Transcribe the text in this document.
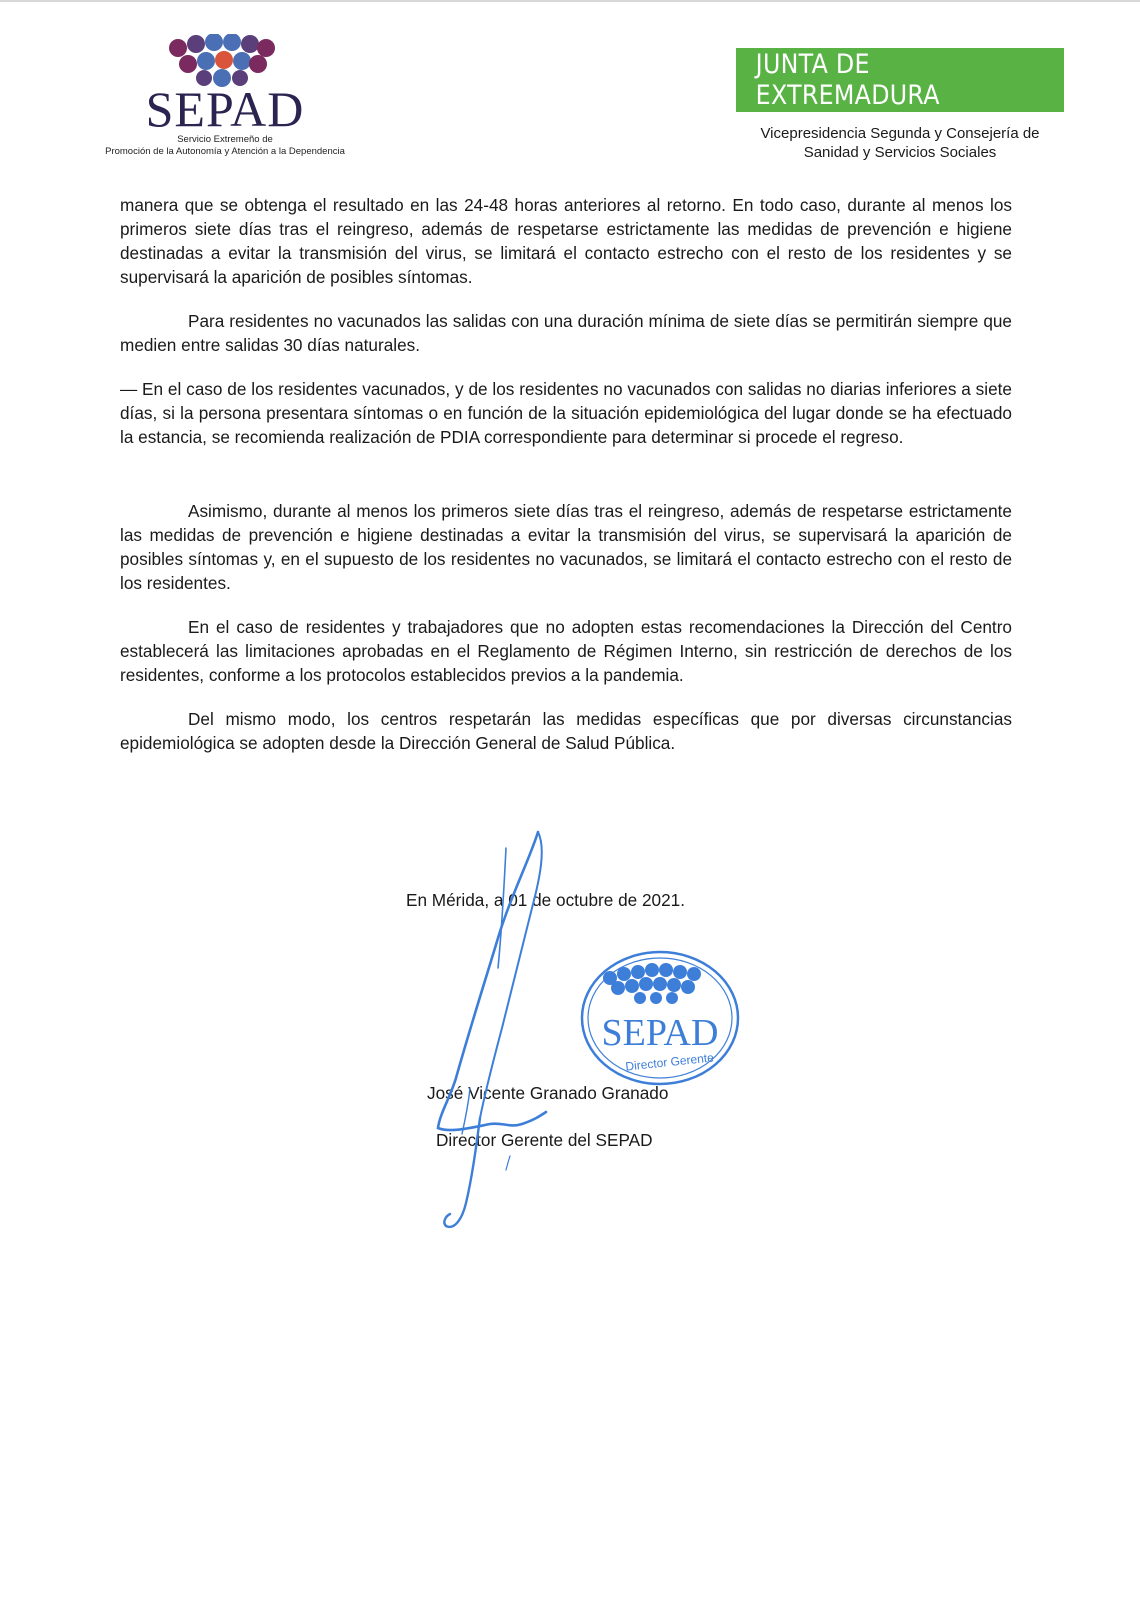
SEPAD
Servicio Extremeño de
Promoción de la Autonomía y Atención a la Dependencia
JUNTA DE EXTREMADURA
Vicepresidencia Segunda y Consejería de
Sanidad y Servicios Sociales

manera que se obtenga el resultado en las 24-48 horas anteriores al retorno. En todo caso, durante al menos los primeros siete días tras el reingreso, además de respetarse estrictamente las medidas de prevención e higiene destinadas a evitar la transmisión del virus, se limitará el contacto estrecho con el resto de los residentes y se supervisará la aparición de posibles síntomas.

Para residentes no vacunados las salidas con una duración mínima de siete días se permitirán siempre que medien entre salidas 30 días naturales.

— En el caso de los residentes vacunados, y de los residentes no vacunados con salidas no diarias inferiores a siete días, si la persona presentara síntomas o en función de la situación epidemiológica del lugar donde se ha efectuado la estancia, se recomienda realización de PDIA correspondiente para determinar si procede el regreso.

Asimismo, durante al menos los primeros siete días tras el reingreso, además de respetarse estrictamente las medidas de prevención e higiene destinadas a evitar la transmisión del virus, se supervisará la aparición de posibles síntomas y, en el supuesto de los residentes no vacunados, se limitará el contacto estrecho con el resto de los residentes.

En el caso de residentes y trabajadores que no adopten estas recomendaciones la Dirección del Centro establecerá las limitaciones aprobadas en el Reglamento de Régimen Interno, sin restricción de derechos de los residentes, conforme a los protocolos establecidos previos a la pandemia.

Del mismo modo, los centros respetarán las medidas específicas que por diversas circunstancias epidemiológica se adopten desde la Dirección General de Salud Pública.

En Mérida, a 01 de octubre de 2021.
SEPAD
Director Gerente
José Vicente Granado Granado
Director Gerente del SEPAD
